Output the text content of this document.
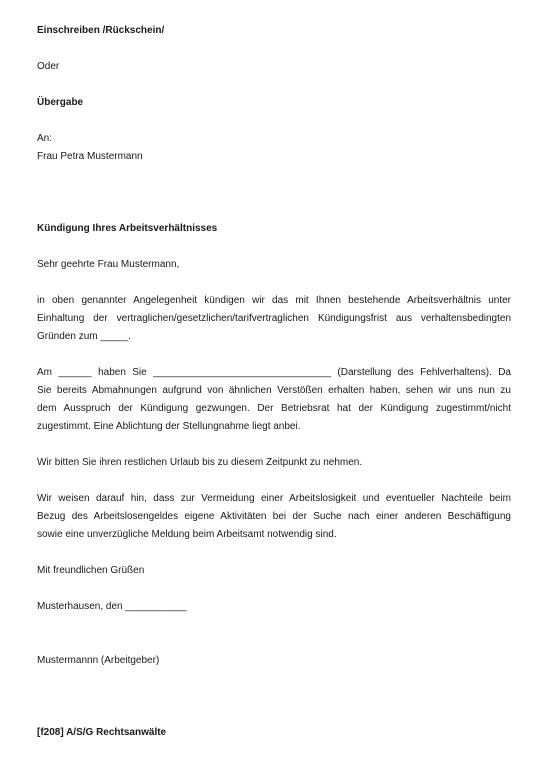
Einschreiben /Rückschein/
Oder
Übergabe
An:
Frau Petra Mustermann
Kündigung Ihres Arbeitsverhältnisses
Sehr geehrte Frau Mustermann,
in oben genannter Angelegenheit kündigen wir das mit Ihnen bestehende Arbeitsverhältnis unter
Einhaltung der vertraglichen/gesetzlichen/tarifvertraglichen Kündigungsfrist aus verhaltensbedingten
Gründen zum _____.
Am ______ haben Sie ________________________________ (Darstellung des Fehlverhaltens). Da
Sie bereits Abmahnungen aufgrund von ähnlichen Verstößen erhalten haben, sehen wir uns nun zu
dem Ausspruch der Kündigung gezwungen. Der Betriebsrat hat der Kündigung zugestimmt/nicht
zugestimmt. Eine Ablichtung der Stellungnahme liegt anbei.
Wir bitten Sie ihren restlichen Urlaub bis zu diesem Zeitpunkt zu nehmen.
Wir weisen darauf hin, dass zur Vermeidung einer Arbeitslosigkeit und eventueller Nachteile beim
Bezug des Arbeitslosengeldes eigene Aktivitäten bei der Suche nach einer anderen Beschäftigung
sowie eine unverzügliche Meldung beim Arbeitsamt notwendig sind.
Mit freundlichen Grüßen
Musterhausen, den ___________
Mustermannn (Arbeitgeber)
[f208] A/S/G Rechtsanwälte
